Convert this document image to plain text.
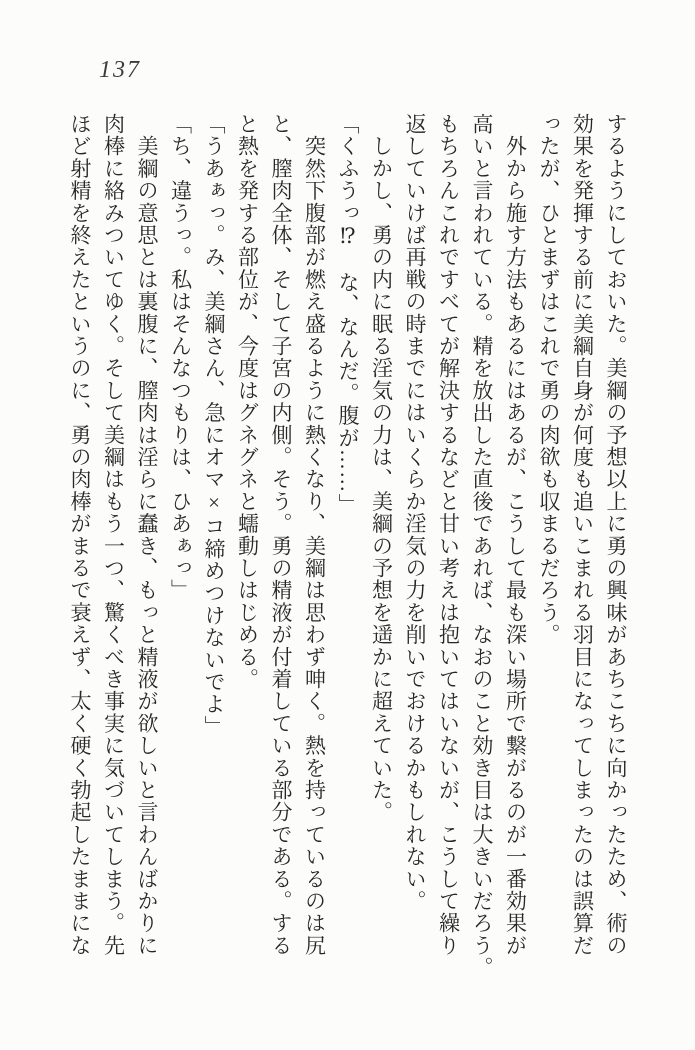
137

するようにしておいた。美綱の予想以上に勇の興味があちこちに向かったため、術の

効果を発揮する前に美綱自身が何度も追いこまれる羽目になってしまったのは誤算だ

ったが、ひとまずはこれで勇の肉欲も収まるだろう。

　外から施す方法もあるにはあるが、こうして最も深い場所で繋がるのが一番効果が

高いと言われている。精を放出した直後であれば、なおのこと効き目は大きいだろう。

もちろんこれですべてが解決するなどと甘い考えは抱いてはいないが、こうして繰り

返していけば再戦の時までにはいくらか淫気の力を削いでおけるかもしれない。

　しかし、勇の内に眠る淫気の力は、美綱の予想を遥かに超えていた。

「くふうっ⁉　な、なんだ。腹が……」

　突然下腹部が燃え盛るように熱くなり、美綱は思わず呻く。熱を持っているのは尻

と、膣肉全体、そして子宮の内側。そう。勇の精液が付着している部分である。する

と熱を発する部位が、今度はグネグネと蠕動しはじめる。

「うあぁっ。み、美綱さん、急にオマ×コ締めつけないでよ」

「ち、違うっ。私はそんなつもりは、ひあぁっ」

　美綱の意思とは裏腹に、膣肉は淫らに蠢き、もっと精液が欲しいと言わんばかりに

肉棒に絡みついてゆく。そして美綱はもう一つ、驚くべき事実に気づいてしまう。先

ほど射精を終えたというのに、勇の肉棒がまるで衰えず、太く硬く勃起したままにな
